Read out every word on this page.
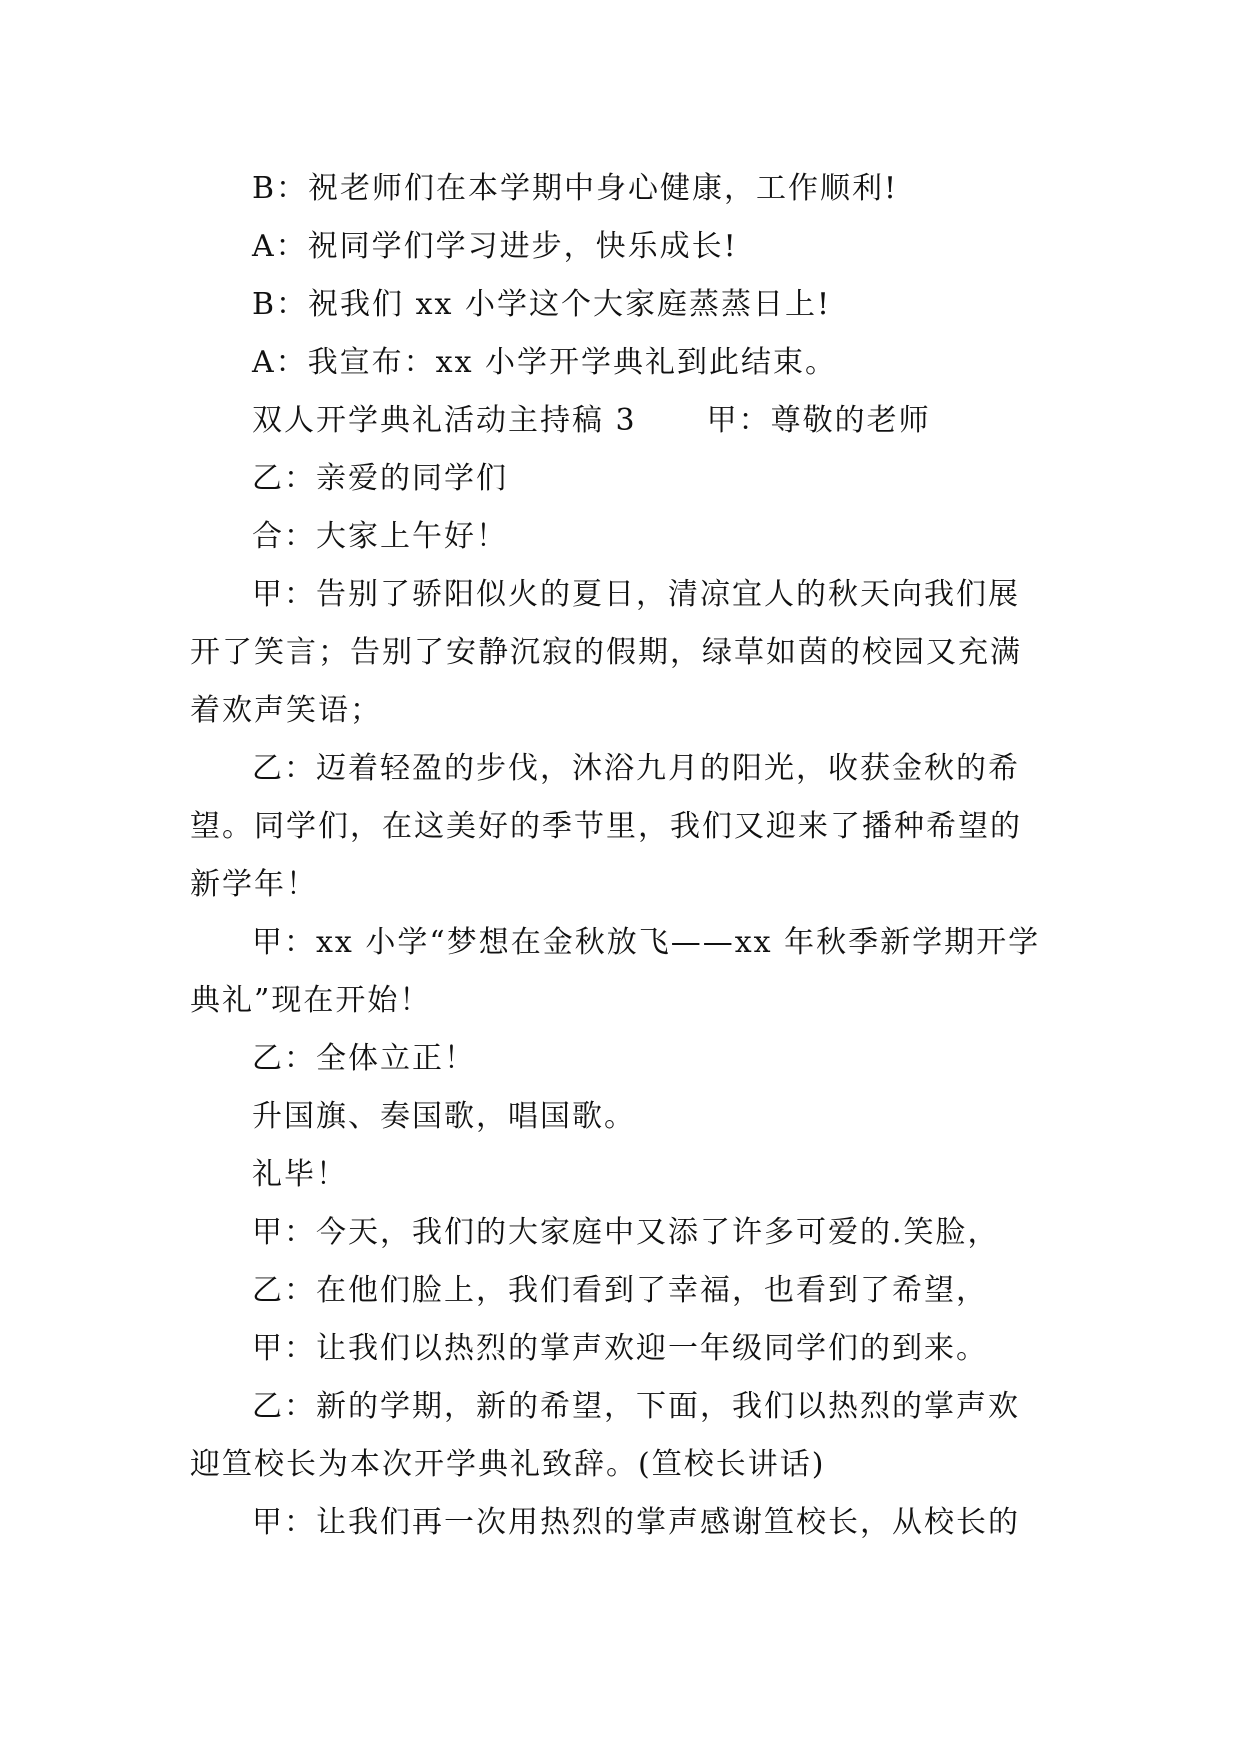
B：祝老师们在本学期中身心健康，工作顺利!

A：祝同学们学习进步，快乐成长!

B：祝我们 xx 小学这个大家庭蒸蒸日上!

A：我宣布：xx 小学开学典礼到此结束。

双人开学典礼活动主持稿 3 甲：尊敬的老师

乙：亲爱的同学们

合：大家上午好！

甲：告别了骄阳似火的夏日，清凉宜人的秋天向我们展开了笑言；告别了安静沉寂的假期，绿草如茵的校园又充满着欢声笑语；

乙：迈着轻盈的步伐，沐浴九月的阳光，收获金秋的希望。同学们，在这美好的季节里，我们又迎来了播种希望的新学年！

甲：xx 小学“梦想在金秋放飞——xx 年秋季新学期开学典礼”现在开始！

乙：全体立正！

升国旗、奏国歌，唱国歌。

礼毕！

甲：今天，我们的大家庭中又添了许多可爱的.笑脸，

乙：在他们脸上，我们看到了幸福，也看到了希望，

甲：让我们以热烈的掌声欢迎一年级同学们的到来。

乙：新的学期，新的希望，下面，我们以热烈的掌声欢迎笪校长为本次开学典礼致辞。(笪校长讲话)

甲：让我们再一次用热烈的掌声感谢笪校长，从校长的
